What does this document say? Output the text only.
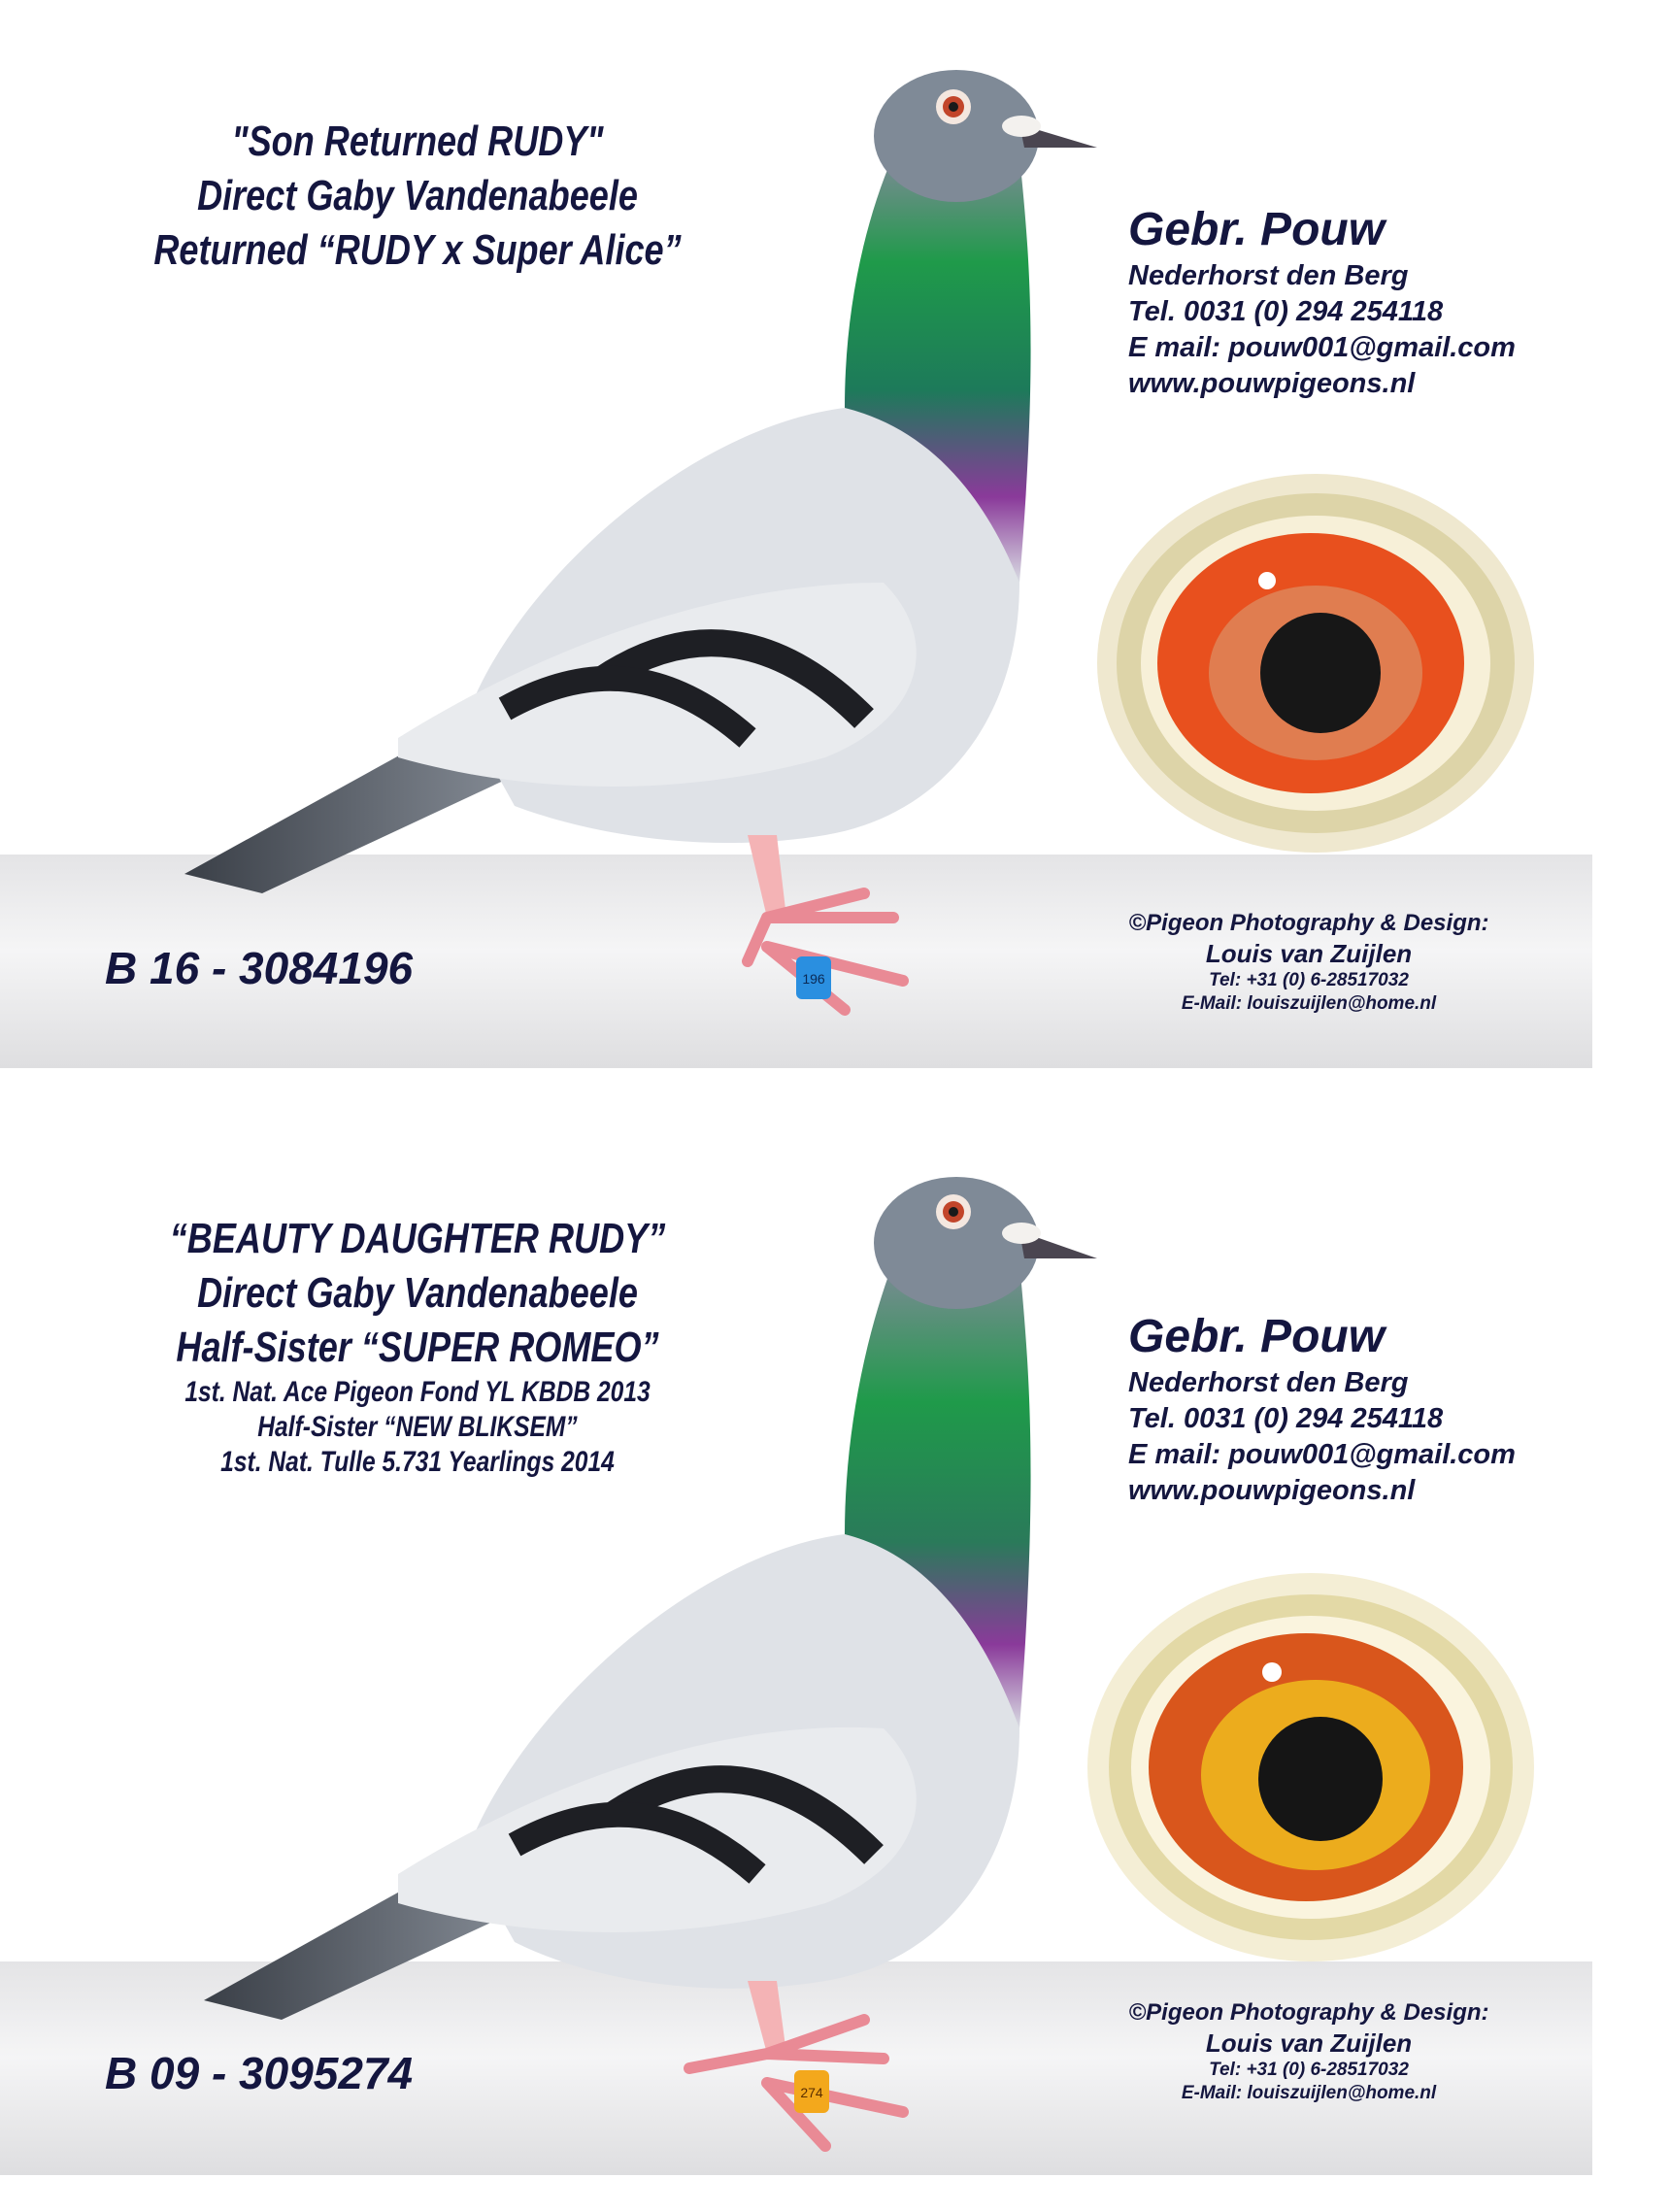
"Son Returned RUDY"
Direct Gaby Vandenabeele
Returned “RUDY x Super Alice”
196
Gebr. Pouw
Nederhorst den Berg
Tel. 0031 (0) 294 254118
E mail: pouw001@gmail.com
www.pouwpigeons.nl
B 16 - 3084196
©Pigeon Photography & Design:
Louis van Zuijlen
Tel: +31 (0) 6-28517032
E-Mail: louiszuijlen@home.nl
“BEAUTY DAUGHTER RUDY”
Direct Gaby Vandenabeele
Half-Sister “SUPER ROMEO”
1st. Nat. Ace Pigeon Fond YL KBDB 2013
Half-Sister “NEW BLIKSEM”
1st. Nat. Tulle 5.731 Yearlings 2014
274
Gebr. Pouw
Nederhorst den Berg
Tel. 0031 (0) 294 254118
E mail: pouw001@gmail.com
www.pouwpigeons.nl
B 09 - 3095274
©Pigeon Photography & Design:
Louis van Zuijlen
Tel: +31 (0) 6-28517032
E-Mail: louiszuijlen@home.nl
